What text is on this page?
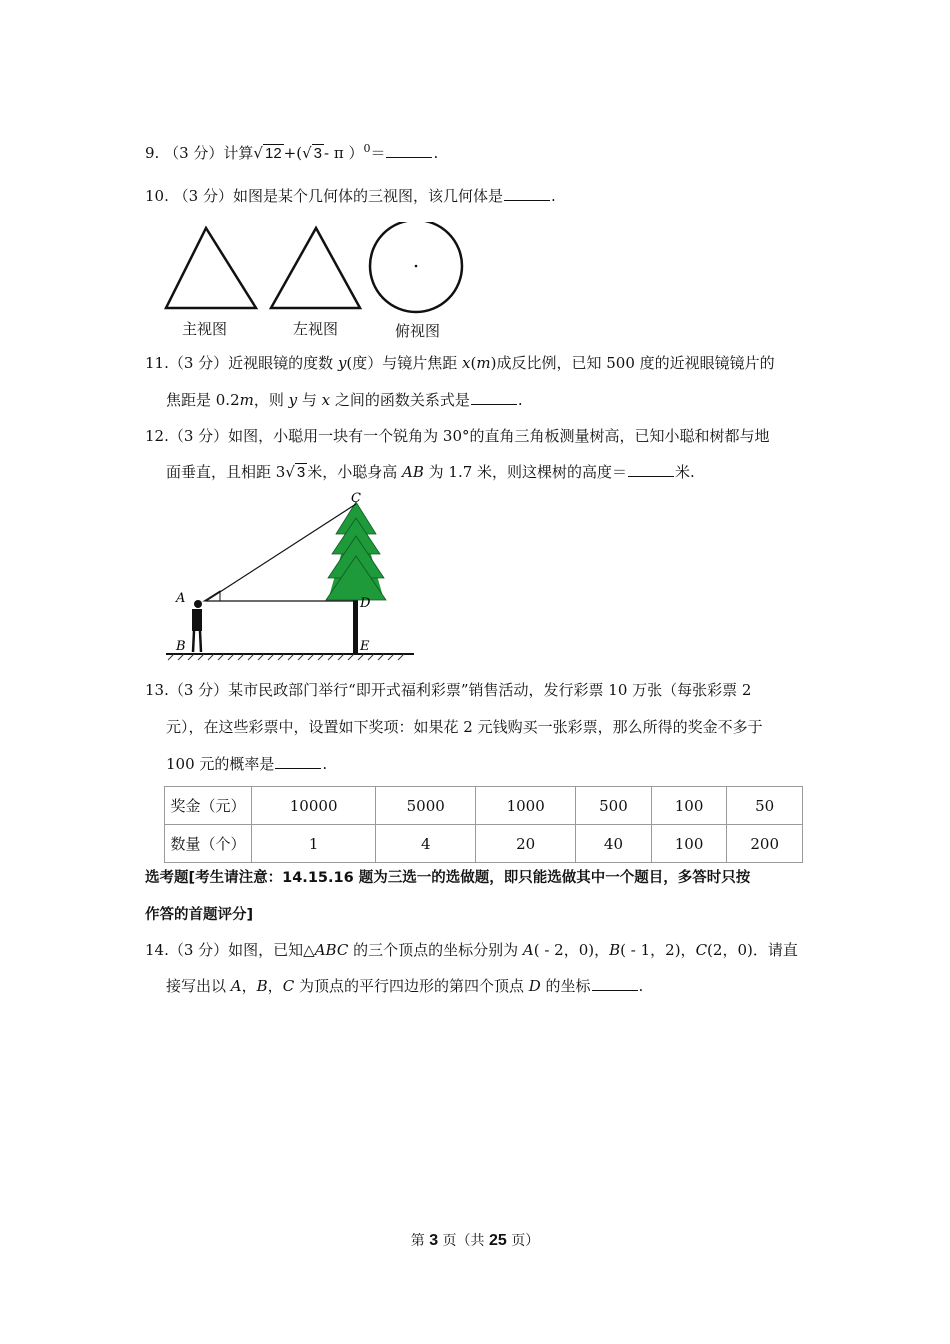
9. （3 分）计算√ 12 +(√ 3 - π ）$^0$＝	.
10. （3 分）如图是某个几何体的三视图，该几何体是	.
主视图	左视图	俯视图
11.（3 分）近视眼镜的度数 y(度）与镜片焦距 x(m)成反比例，已知 500 度的近视眼镜镜片的
焦距是 0.2m，则 y 与 x 之间的函数关系式是	.
12.（3 分）如图，小聪用一块有一个锐角为 30°的直角三角板测量树高，已知小聪和树都与地
面垂直，且相距 3√ 3 米，小聪身高 AB 为 1.7 米，则这棵树的高度＝	米.
A
B
C
D
E
13.（3 分）某市民政部门举行“即开式福利彩票”销售活动，发行彩票 10 万张（每张彩票 2
元），在这些彩票中，设置如下奖项：如果花 2 元钱购买一张彩票，那么所得的奖金不多于
100 元的概率是	.
奖金（元）	10000	5000	1000	500	100	50
数量（个）	1	4	20	40	100	200
选考题[考生请注意：14.15.16 题为三选一的选做题，即只能选做其中一个题目，多答时只按
作答的首题评分]
14.（3 分）如图，已知△ABC 的三个顶点的坐标分别为 A( - 2，0)，B( - 1，2)，C(2，0)．请直
接写出以 A，B，C 为顶点的平行四边形的第四个顶点 D 的坐标	.
第 3 页（共 25 页）
